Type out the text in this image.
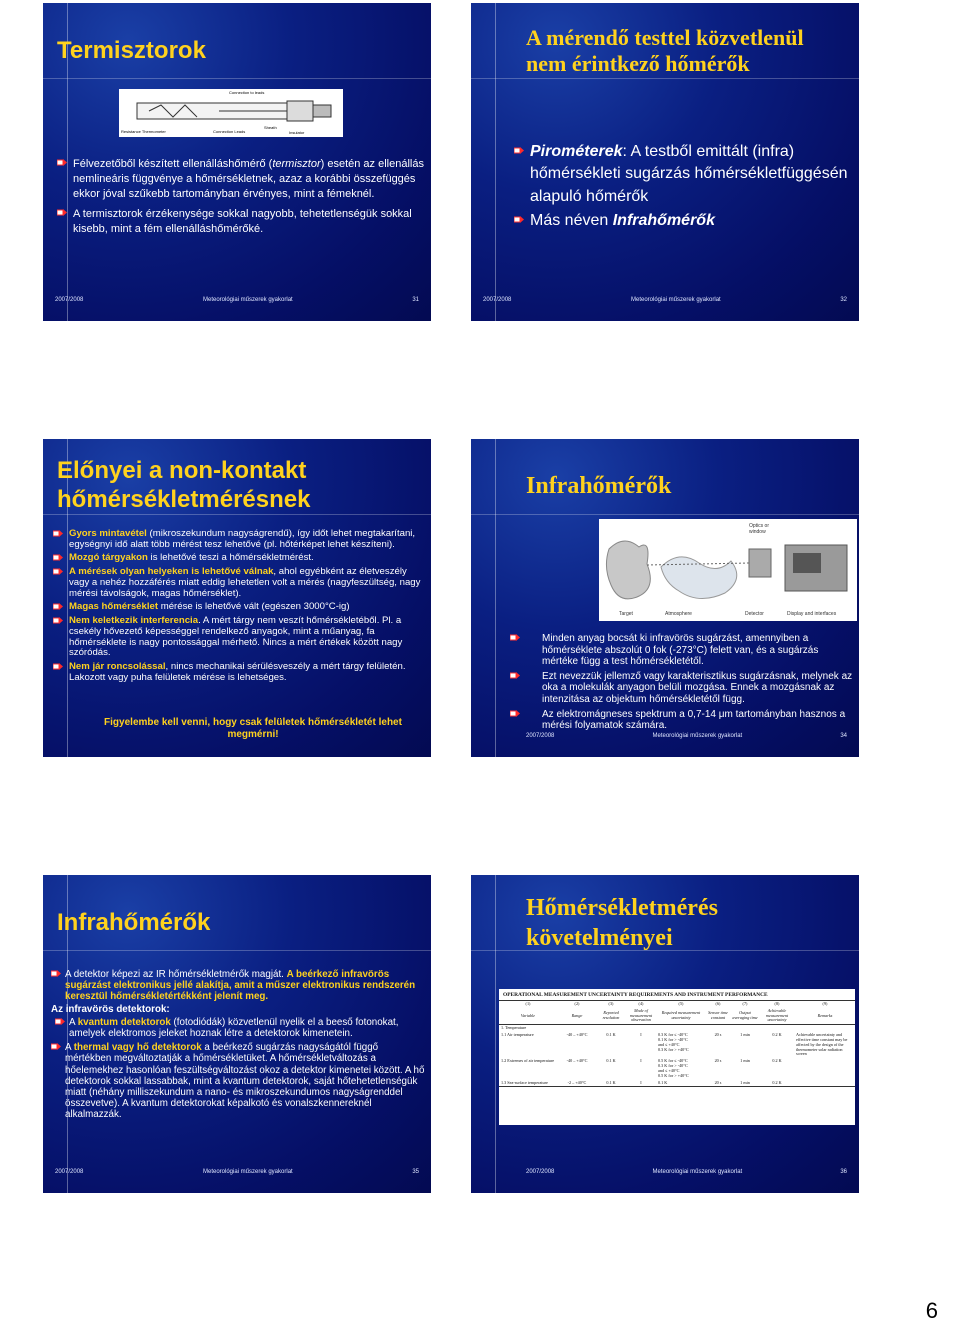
Termisztorok
Connection to leads
Resistance Thermometer	Connection Leads
Sheath
Insulator
Félvezetőből készített ellenálláshőmérő (termisztor) esetén az ellenállás nemlineáris függvénye a hőmérsékletnek, azaz a korábbi összefüggés ekkor jóval szűkebb tartományban érvényes, mint a fémeknél.
A termisztorok érzékenysége sokkal nagyobb, tehetetlenségük sokkal kisebb, mint a fém ellenálláshőmérőké.
2007/2008	Meteorológiai műszerek gyakorlat	31
A mérendő testtel közvetlenül nem érintkező hőmérők
Pirométerek: A testből emittált (infra) hőmérsékleti sugárzás hőmérsékletfüggésén alapuló hőmérők
Más néven Infrahőmérők
2007/2008	Meteorológiai műszerek gyakorlat	32
Előnyei a non-kontakt hőmérsékletmérésnek
Gyors mintavétel (mikroszekundum nagyságrendű), így időt lehet megtakarítani, egységnyi idő alatt több mérést tesz lehetővé (pl. hőtérképet lehet készíteni).
Mozgó tárgyakon is lehetővé teszi a hőmérsékletmérést.
A mérések olyan helyeken is lehetővé válnak, ahol egyébként az életveszély vagy a nehéz hozzáférés miatt eddig lehetetlen volt a mérés (nagyfeszültség, nagy mérési távolságok, magas hőmérséklet).
Magas hőmérséklet mérése is lehetővé vált (egészen 3000°C-ig)
Nem keletkezik interferencia. A mért tárgy nem veszít hőmérsékletéből. Pl. a csekély hővezető képességgel rendelkező anyagok, mint a műanyag, fa hőmérséklete is nagy pontossággal mérhető. Nincs a mért értékek között nagy szóródás.
Nem jár roncsolással, nincs mechanikai sérülésveszély a mért tárgy felületén. Lakozott vagy puha felületek mérése is lehetséges.
Figyelembe kell venni, hogy csak felületek hőmérsékletét lehet megmérni!
Infrahőmérők
Optics or window
Target	Atmosphere	Detector	Display and interfaces
Minden anyag bocsát ki infravörös sugárzást, amennyiben a hőmérséklete abszolút 0 fok (-273°C) felett van, és a sugárzás mértéke függ a test hőmérsékletétől.
Ezt nevezzük jellemző vagy karakterisztikus sugárzásnak, melynek az oka a molekulák anyagon belüli mozgása. Ennek a mozgásnak az intenzitása az objektum hőmérsékletétől függ.
Az elektromágneses spektrum a 0,7-14 μm tartományban hasznos a mérési folyamatok számára.
2007/2008	Meteorológiai műszerek gyakorlat	34
Infrahőmérők
A detektor képezi az IR hőmérsékletmérők magját. A beérkező infravörös sugárzást elektronikus jellé alakítja, amit a műszer elektronikus rendszerén keresztül hőmérsékletértékként jelenít meg.
Az infravörös detektorok:
A kvantum detektorok (fotodiódák) közvetlenül nyelik el a beeső fotonokat, amelyek elektromos jeleket hoznak létre a detektorok kimenetein.
A thermal vagy hő detektorok a beérkező sugárzás nagyságától függő mértékben megváltoztatják a hőmérsékletüket. A hőmérsékletváltozás a hőelemekhez hasonlóan feszültségváltozást okoz a detektor kimenetei között. A hő detektorok sokkal lassabbak, mint a kvantum detektorok, saját hőtehetetlenségük miatt (néhány milliszekundum a nano- és mikroszekundumos nagyságrenddel összevetve). A kvantum detektorokat képalkotó és vonalszkennereknél alkalmazzák.
2007/2008	Meteorológiai műszerek gyakorlat	35
Hőmérsékletmérés követelményei
OPERATIONAL MEASUREMENT UNCERTAINTY REQUIREMENTS AND INSTRUMENT PERFORMANCE
(1)	(2)	(3)	(4)	(5)	(6)	(7)	(8)	(9)
Variable	Range	Reported resolution	Mode of measurement observation	Required measurement uncertainty	Sensor time constant	Output averaging time	Achievable measurement uncertainty	Remarks
1. Temperature								
1.1 Air temperature	-40 – +40°C	0.1 K	I	0.3 K for ≤ -40°C
0.1 K for > -40°C
and ≤ +40°C
0.3 K for > +40°C	20 s	1 min	0.2 K	Achievable uncertainty and effective time constant may be affected by the design of the thermometer solar radiation screen
1.2 Extremes of air temperature	-40 – +40°C	0.1 K	I	0.5 K for ≤ -40°C
0.3 K for > -40°C
and ≤ +40°C
0.5 K for > +40°C	20 s	1 min	0.2 K	
1.3 Sea-surface temperature	-2 – +40°C	0.1 K	I	0.1 K	20 s	1 min	0.2 K	
2007/2008	Meteorológiai műszerek gyakorlat	36
6
